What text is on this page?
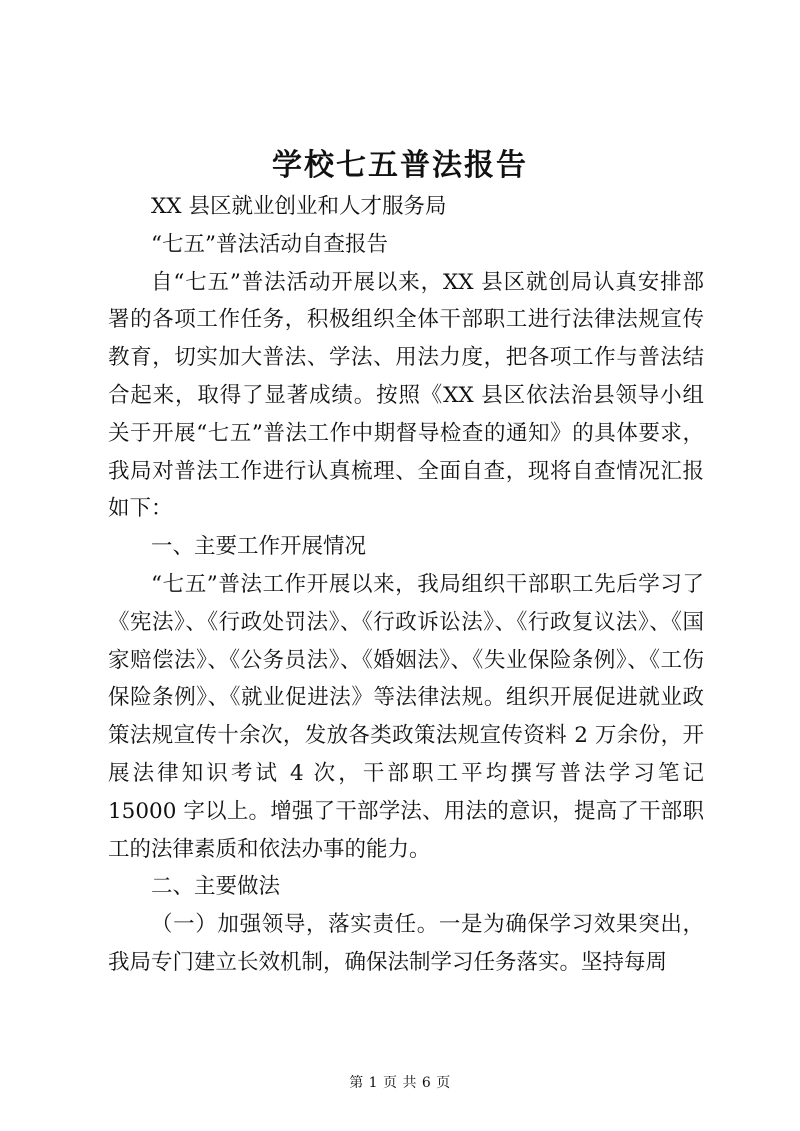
学校七五普法报告

XX 县区就业创业和人才服务局

“七五”普法活动自查报告

自“七五”普法活动开展以来，XX 县区就创局认真安排部署的各项工作任务，积极组织全体干部职工进行法律法规宣传教育，切实加大普法、学法、用法力度，把各项工作与普法结合起来，取得了显著成绩。按照《XX 县区依法治县领导小组关于开展“七五”普法工作中期督导检查的通知》的具体要求，我局对普法工作进行认真梳理、全面自查，现将自查情况汇报如下：

一、主要工作开展情况

“七五”普法工作开展以来，我局组织干部职工先后学习了《宪法》、《行政处罚法》、《行政诉讼法》、《行政复议法》、《国家赔偿法》、《公务员法》、《婚姻法》、《失业保险条例》、《工伤保险条例》、《就业促进法》等法律法规。组织开展促进就业政策法规宣传十余次，发放各类政策法规宣传资料 2 万余份，开展法律知识考试 4 次，干部职工平均撰写普法学习笔记 15000 字以上。增强了干部学法、用法的意识，提高了干部职工的法律素质和依法办事的能力。

二、主要做法

（一）加强领导，落实责任。一是为确保学习效果突出，我局专门建立长效机制，确保法制学习任务落实。坚持每周

第 1 页 共 6 页
